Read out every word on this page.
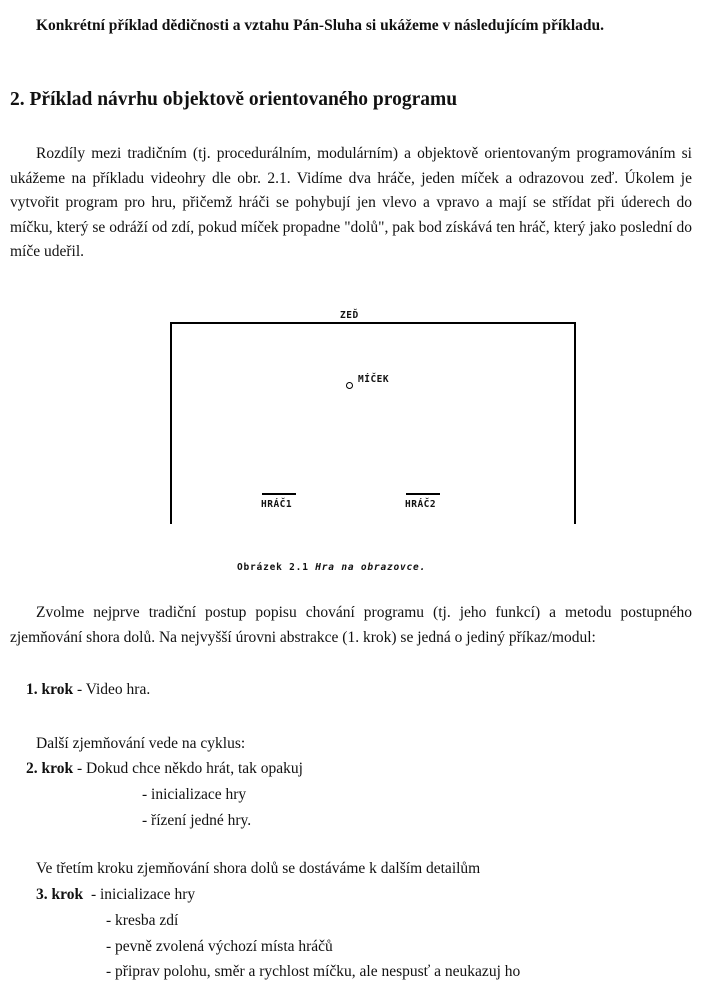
Konkrétní příklad dědičnosti a vztahu Pán-Sluha si ukážeme v následujícím příkladu.
2. Příklad návrhu objektově orientovaného programu
Rozdíly mezi tradičním (tj. procedurálním, modulárním) a objektově orientovaným programováním si ukážeme na příkladu videohry dle obr. 2.1. Vidíme dva hráče, jeden míček a odrazovou zeď. Úkolem je vytvořit program pro hru, přičemž hráči se pohybují jen vlevo a vpravo a mají se střídat při úderech do míčku, který se odráží od zdí, pokud míček propadne "dolů", pak bod získává ten hráč, který jako poslední do míče udeřil.
ZEĎ
MÍČEK
HRÁČ1	HRÁČ2
Obrázek 2.1 Hra na obrazovce.
Zvolme nejprve tradiční postup popisu chování programu (tj. jeho funkcí) a metodu postupného zjemňování shora dolů. Na nejvyšší úrovni abstrakce (1. krok) se jedná o jediný příkaz/modul:
1. krok - Video hra.
Další zjemňování vede na cyklus:
2. krok - Dokud chce někdo hrát, tak opakuj
- inicializace hry
- řízení jedné hry.
Ve třetím kroku zjemňování shora dolů se dostáváme k dalším detailům
3. krok - inicializace hry
- kresba zdí
- pevně zvolená výchozí místa hráčů
- připrav polohu, směr a rychlost míčku, ale nespusť a neukazuj ho
